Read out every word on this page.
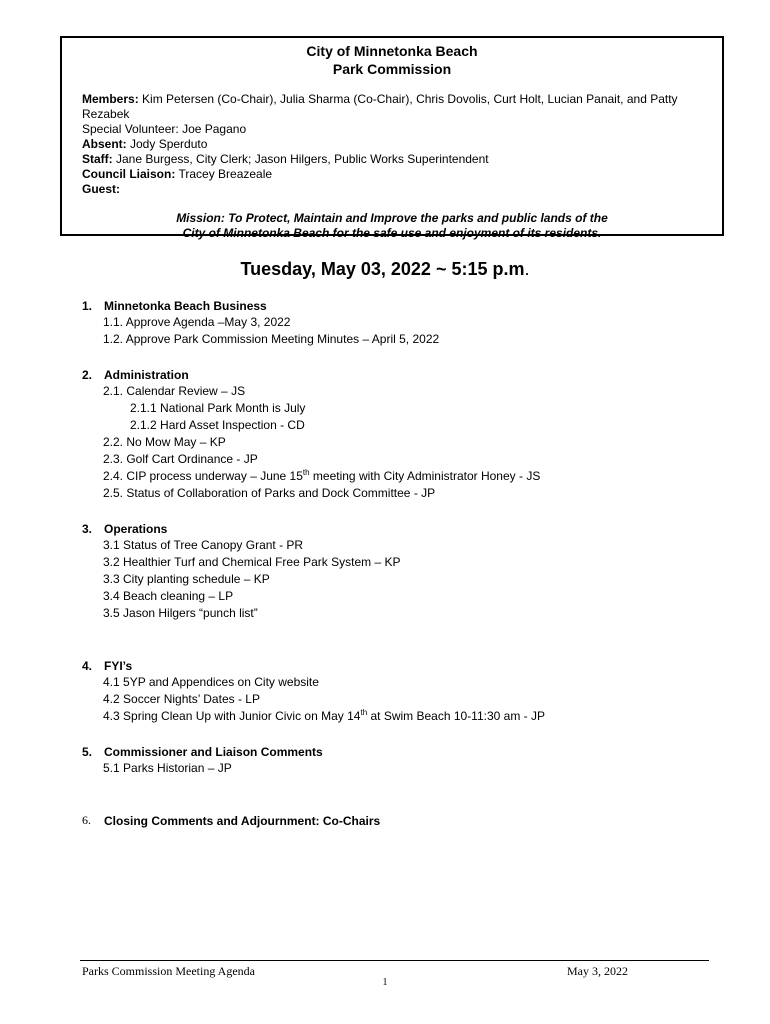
City of Minnetonka Beach
Park Commission
Members: Kim Petersen (Co-Chair), Julia Sharma (Co-Chair), Chris Dovolis, Curt Holt, Lucian Panait, and Patty Rezabek
Special Volunteer: Joe Pagano
Absent: Jody Sperduto
Staff: Jane Burgess, City Clerk; Jason Hilgers, Public Works Superintendent
Council Liaison: Tracey Breazeale
Guest:
Mission: To Protect, Maintain and Improve the parks and public lands of the
City of Minnetonka Beach for the safe use and enjoyment of its residents.
Tuesday, May 03, 2022 ~ 5:15 p.m.
1. Minnetonka Beach Business
1.1. Approve Agenda –May 3, 2022
1.2. Approve Park Commission Meeting Minutes – April 5, 2022
2. Administration
2.1. Calendar Review – JS
2.1.1 National Park Month is July
2.1.2 Hard Asset Inspection - CD
2.2. No Mow May – KP
2.3. Golf Cart Ordinance - JP
2.4. CIP process underway – June 15th meeting with City Administrator Honey - JS
2.5. Status of Collaboration of Parks and Dock Committee - JP
3. Operations
3.1 Status of Tree Canopy Grant - PR
3.2 Healthier Turf and Chemical Free Park System – KP
3.3 City planting schedule – KP
3.4 Beach cleaning – LP
3.5 Jason Hilgers “punch list”
4. FYI’s
4.1 5YP and Appendices on City website
4.2 Soccer Nights’ Dates - LP
4.3 Spring Clean Up with Junior Civic on May 14th at Swim Beach 10-11:30 am - JP
5. Commissioner and Liaison Comments
5.1 Parks Historian – JP
6.	Closing Comments and Adjournment: Co-Chairs
Parks Commission Meeting Agenda	May 3, 2022
1
